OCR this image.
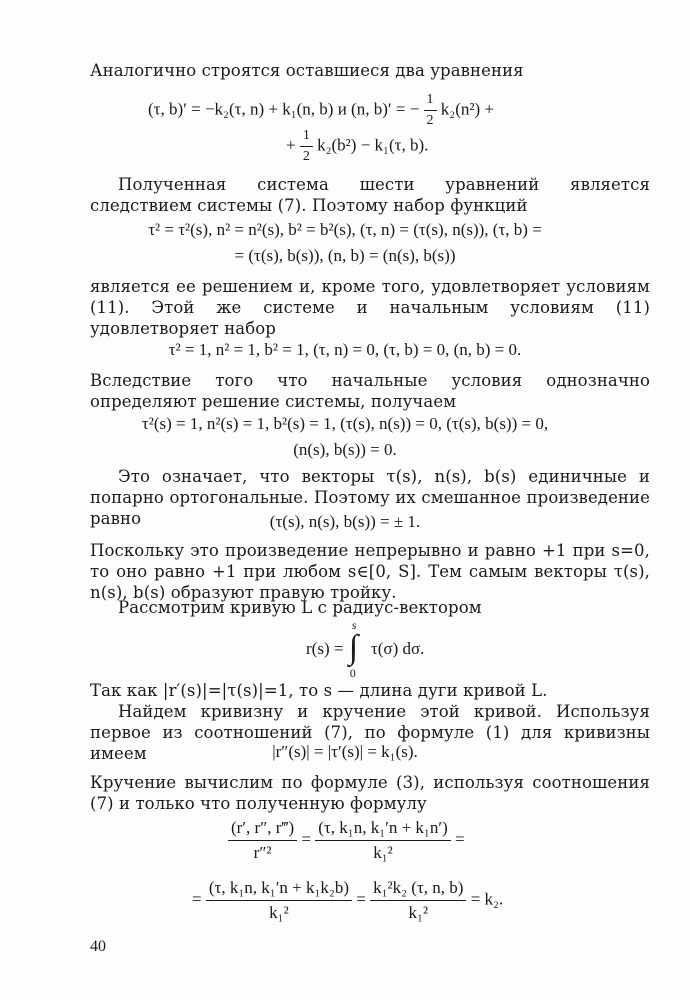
Аналогично строятся оставшиеся два уравнения
(τ, b)′ = −k₂(τ, n) + k₁(n, b) и (n, b)′ = − $\frac{1}{2} k_2(n^2)$ +
+ $\frac{1}{2} k_2(b^2) - k_1(\tau$, b).
Полученная система шести уравнений является следствием системы (7). Поэтому набор функций
τ² = τ²(s), n² = n²(s), b² = b²(s), (τ, n) = (τ(s), n(s)), (τ, b) =
= (τ(s), b(s)), (n, b) = (n(s), b(s))
является ее решением и, кроме того, удовлетворяет условиям (11). Этой же системе и начальным условиям (11) удовлетворяет набор
τ² = 1, n² = 1, b² = 1, (τ, n) = 0, (τ, b) = 0, (n, b) = 0.
Вследствие того что начальные условия однозначно определяют решение системы, получаем
τ²(s) = 1, n²(s) = 1, b²(s) = 1, (τ(s), n(s)) = 0, (τ(s), b(s)) = 0,
(n(s), b(s)) = 0.
Это означает, что векторы τ(s), n(s), b(s) единичные и попарно ортогональные. Поэтому их смешанное произведение равно	(τ(s), n(s), b(s)) = ± 1.
Поскольку это произведение непрерывно и равно +1 при s=0, то оно равно +1 при любом s∈[0, S]. Тем самым векторы τ(s), n(s), b(s) образуют правую тройку.
Рассмотрим кривую L с радиус-вектором
r(s) =
s
∫
0
τ(σ) dσ.
Так как |r′(s)|=|τ(s)|=1, то s — длина дуги кривой L.
Найдем кривизну и кручение этой кривой. Используя первое из соотношений (7), по формуле (1) для кривизны имеем	|r″(s)| = |τ′(s)| = k₁(s).
Кручение вычислим по формуле (3), используя соотношения (7) и только что полученную формулу
$\frac{(r', r'', r‴)}{\text{r″²}} = \frac{\text{(τ, k₁n, k₁′n + k₁n′)}}{\text{k₁²}}$ =
= $\frac{\text{(τ, k₁n, k₁′n + k₁k₂b)}}{\text{k₁²}} = \frac{\text{k₁²k₂ (τ, n, b)}}{\text{k₁²}} = k_2$.
40
